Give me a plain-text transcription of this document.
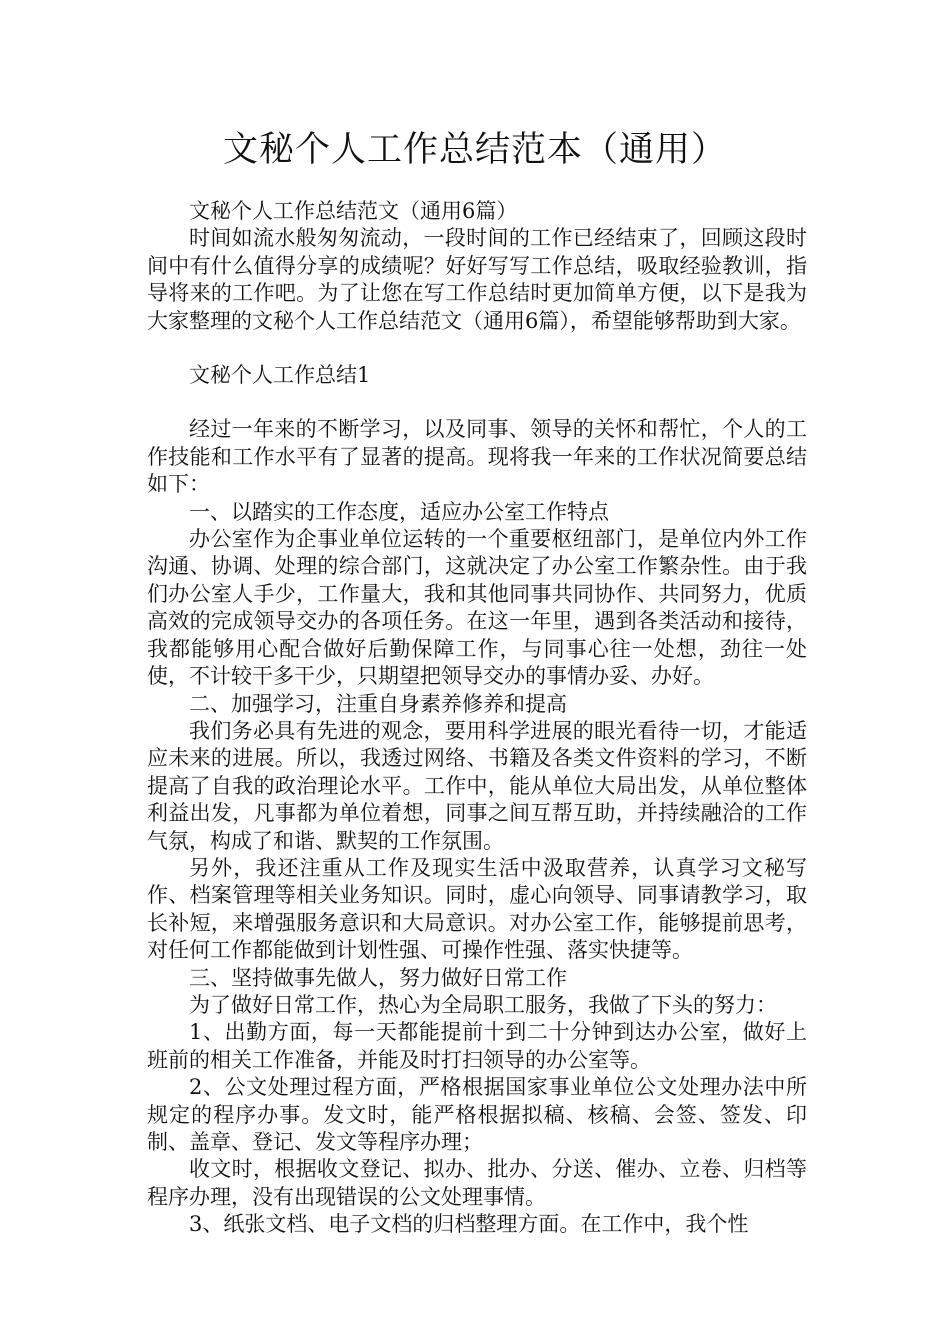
文秘个人工作总结范本（通用）

文秘个人工作总结范文（通用6篇）

时间如流水般匆匆流动，一段时间的工作已经结束了，回顾这段时间中有什么值得分享的成绩呢？好好写写工作总结，吸取经验教训，指导将来的工作吧。为了让您在写工作总结时更加简单方便，以下是我为大家整理的文秘个人工作总结范文（通用6篇），希望能够帮助到大家。

文秘个人工作总结1

经过一年来的不断学习，以及同事、领导的关怀和帮忙，个人的工作技能和工作水平有了显著的提高。现将我一年来的工作状况简要总结如下：

一、以踏实的工作态度，适应办公室工作特点

办公室作为企事业单位运转的一个重要枢纽部门，是单位内外工作沟通、协调、处理的综合部门，这就决定了办公室工作繁杂性。由于我们办公室人手少，工作量大，我和其他同事共同协作、共同努力，优质高效的完成领导交办的各项任务。在这一年里，遇到各类活动和接待，我都能够用心配合做好后勤保障工作，与同事心往一处想，劲往一处使，不计较干多干少，只期望把领导交办的事情办妥、办好。

二、加强学习，注重自身素养修养和提高

我们务必具有先进的观念，要用科学进展的眼光看待一切，才能适应未来的进展。所以，我透过网络、书籍及各类文件资料的学习，不断提高了自我的政治理论水平。工作中，能从单位大局出发，从单位整体利益出发，凡事都为单位着想，同事之间互帮互助，并持续融洽的工作气氛，构成了和谐、默契的工作氛围。

另外，我还注重从工作及现实生活中汲取营养，认真学习文秘写作、档案管理等相关业务知识。同时，虚心向领导、同事请教学习，取长补短，来增强服务意识和大局意识。对办公室工作，能够提前思考，对任何工作都能做到计划性强、可操作性强、落实快捷等。

三、坚持做事先做人，努力做好日常工作

为了做好日常工作，热心为全局职工服务，我做了下头的努力：

1、出勤方面，每一天都能提前十到二十分钟到达办公室，做好上班前的相关工作准备，并能及时打扫领导的办公室等。

2、公文处理过程方面，严格根据国家事业单位公文处理办法中所规定的程序办事。发文时，能严格根据拟稿、核稿、会签、签发、印制、盖章、登记、发文等程序办理；

收文时，根据收文登记、拟办、批办、分送、催办、立卷、归档等程序办理，没有出现错误的公文处理事情。

3、纸张文档、电子文档的归档整理方面。在工作中，我个性
